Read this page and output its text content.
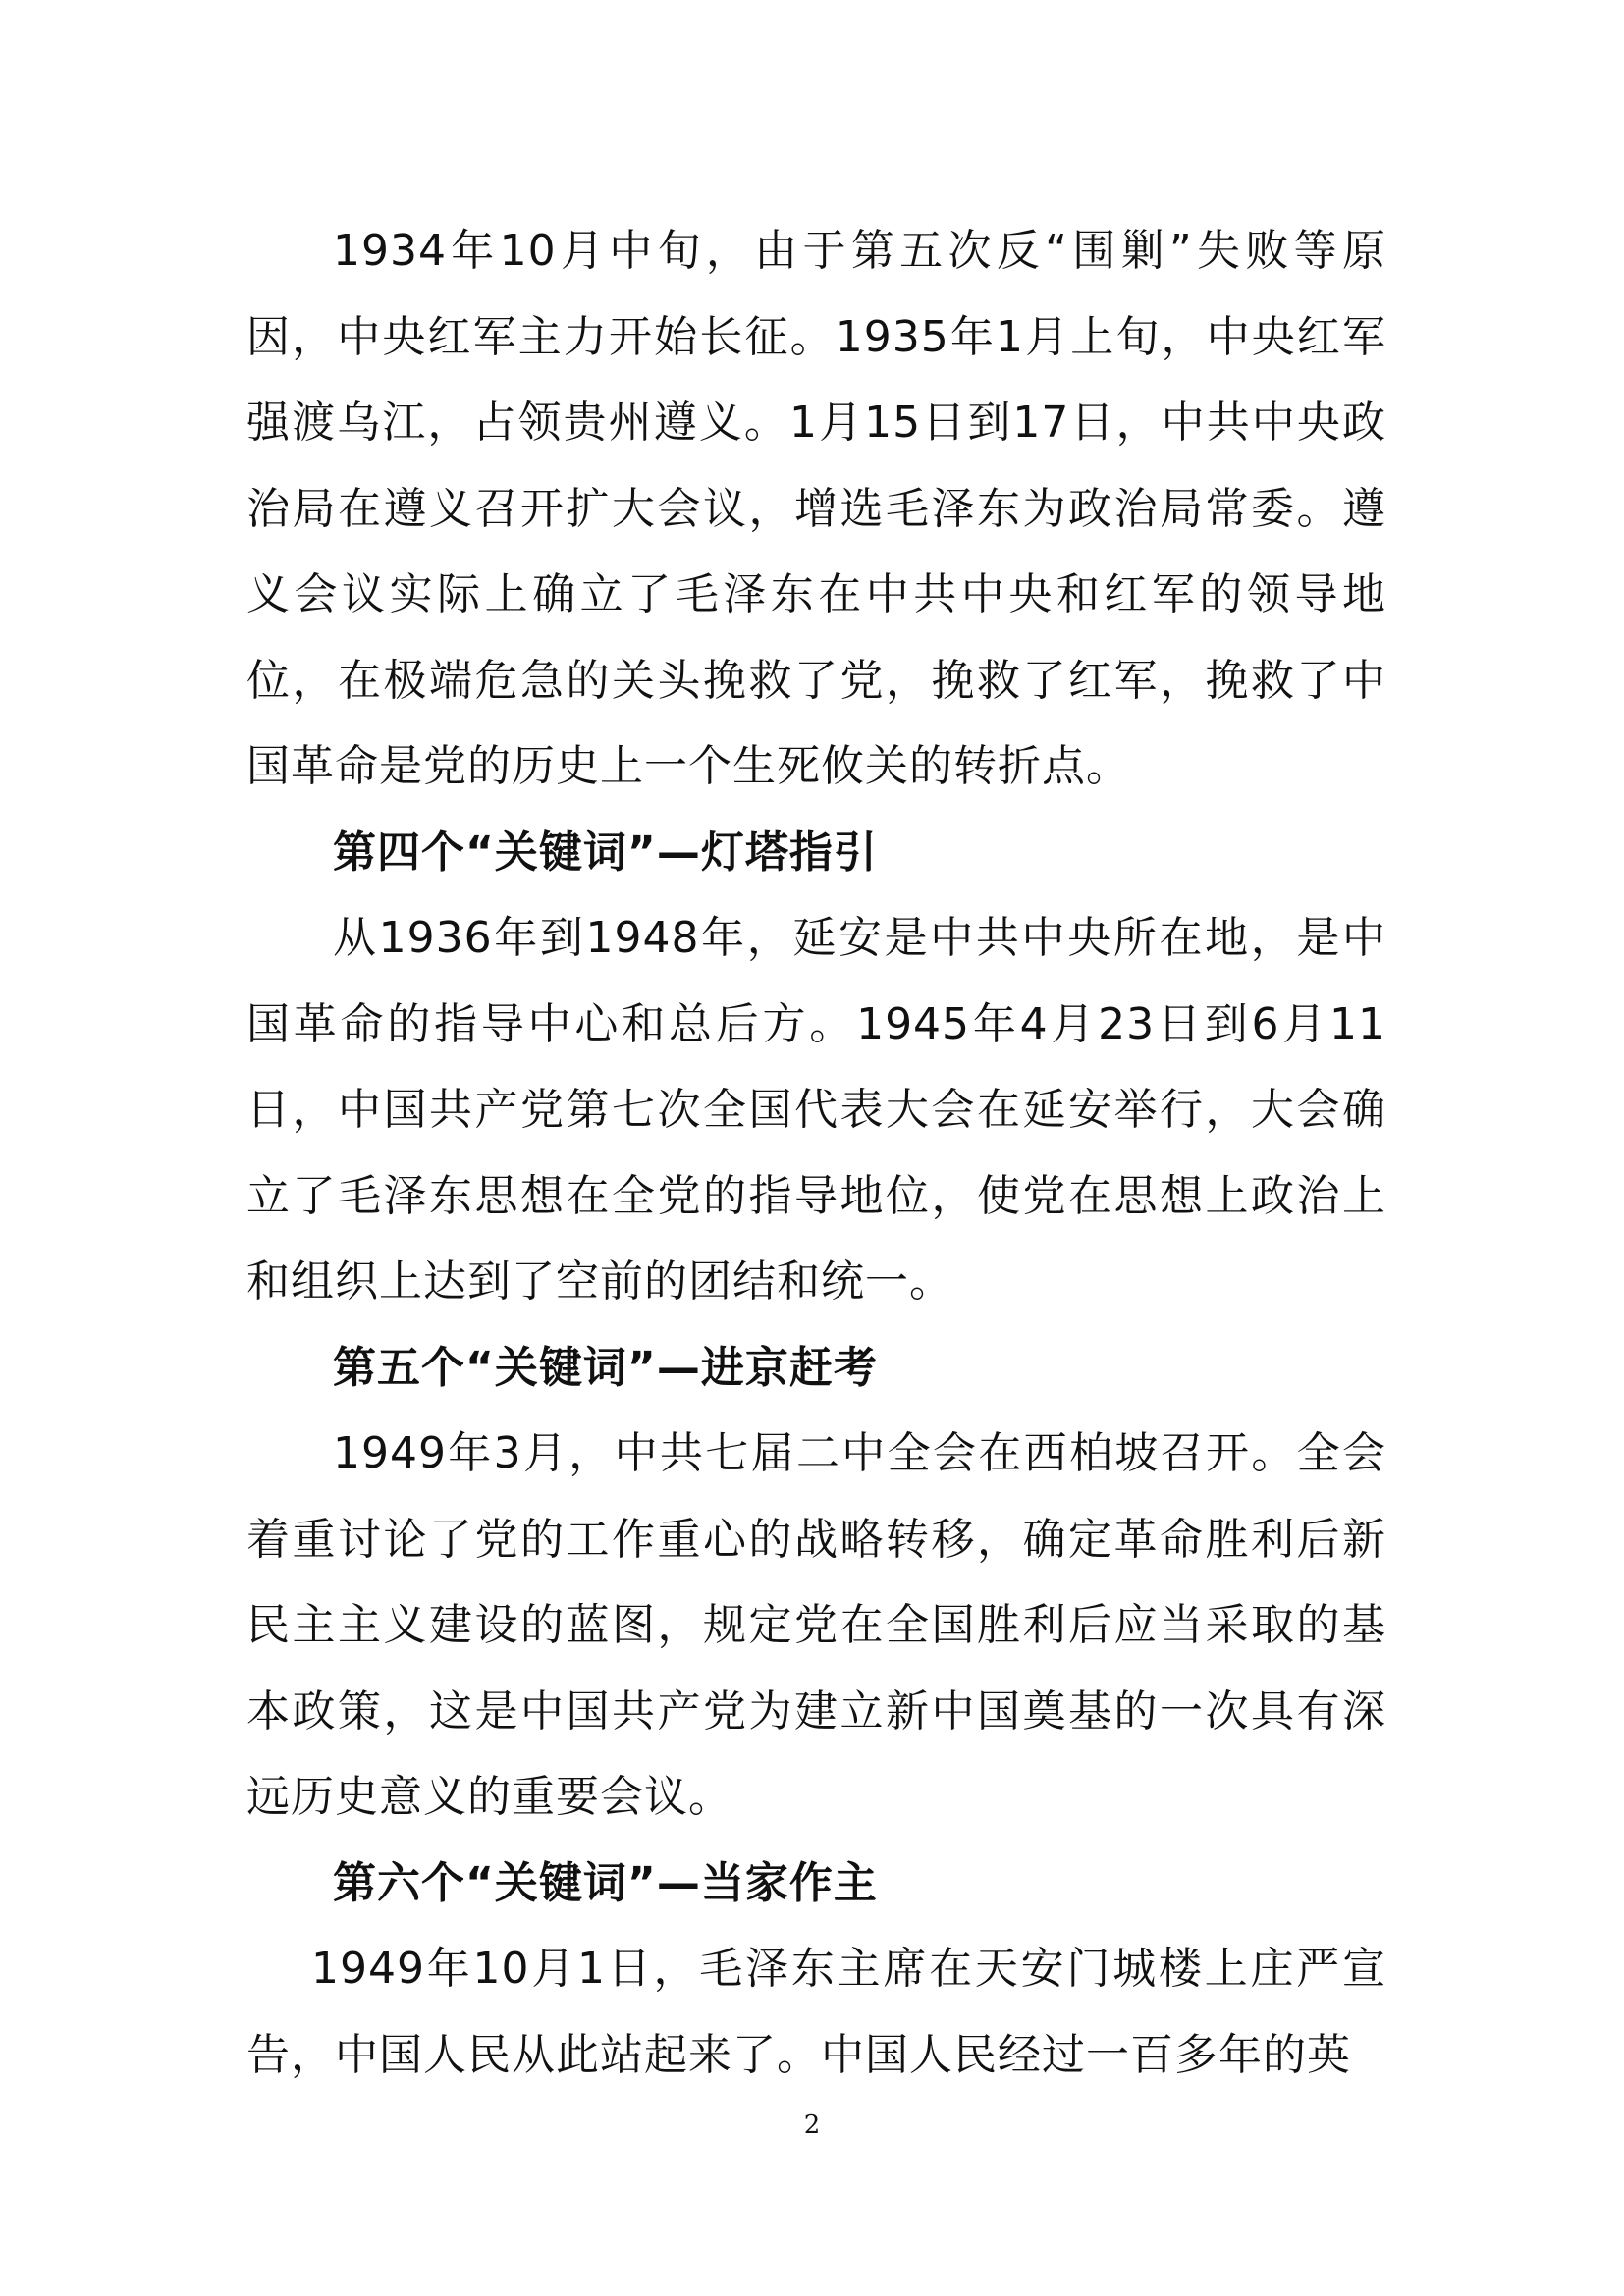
1934年10月中旬，由于第五次反“围剿”失败等原因，中央红军主力开始长征。1935年1月上旬，中央红军强渡乌江，占领贵州遵义。1月15日到17日，中共中央政治局在遵义召开扩大会议，增选毛泽东为政治局常委。遵义会议实际上确立了毛泽东在中共中央和红军的领导地位，在极端危急的关头挽救了党，挽救了红军，挽救了中国革命是党的历史上一个生死攸关的转折点。

第四个“关键词”—灯塔指引

从1936年到1948年，延安是中共中央所在地，是中国革命的指导中心和总后方。1945年4月23日到6月11日，中国共产党第七次全国代表大会在延安举行，大会确立了毛泽东思想在全党的指导地位，使党在思想上政治上和组织上达到了空前的团结和统一。

第五个“关键词”—进京赶考

1949年3月，中共七届二中全会在西柏坡召开。全会着重讨论了党的工作重心的战略转移，确定革命胜利后新民主主义建设的蓝图，规定党在全国胜利后应当采取的基本政策，这是中国共产党为建立新中国奠基的一次具有深远历史意义的重要会议。

第六个“关键词”—当家作主

1949年10月1日，毛泽东主席在天安门城楼上庄严宣告，中国人民从此站起来了。中国人民经过一百多年的英

2
